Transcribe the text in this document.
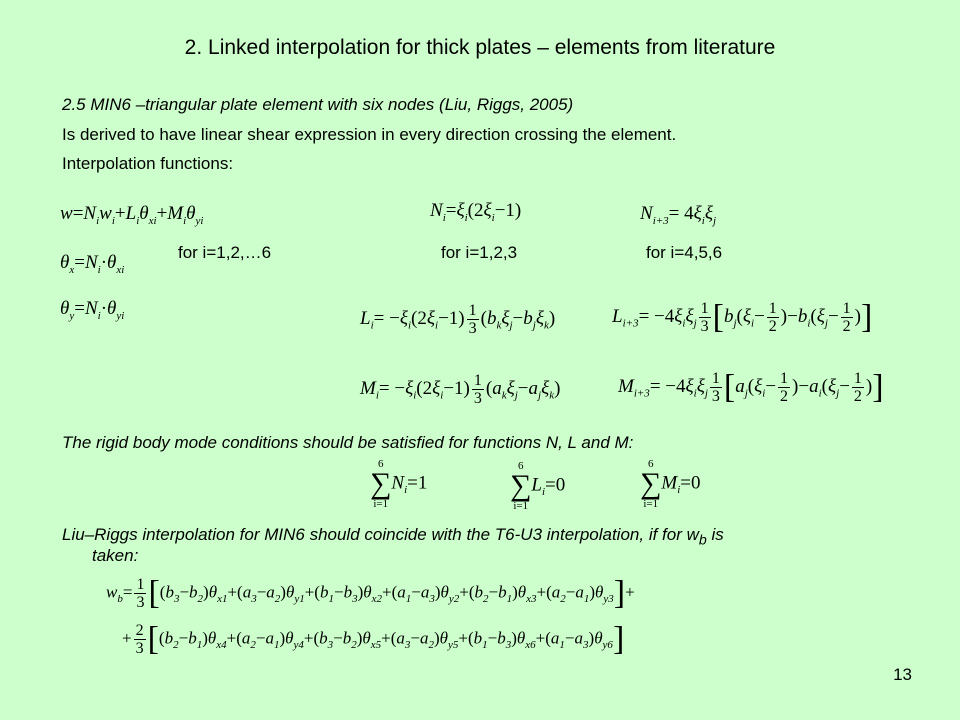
2. Linked interpolation for thick plates – elements from literature
2.5 MIN6 –triangular plate element with six nodes (Liu, Riggs, 2005)
Is derived to have linear shear expression in every direction crossing the element.
Interpolation functions:
$w=N_iw_i+L_i\theta_{xi}+M_i\theta_{yi}$	$N_i=\xi_i(2\xi_i-1)$	$N_{i+3}= 4\xi_i\xi_j$
for i=1,2,…6	for i=1,2,3	for i=4,5,6
$\theta_x=N_i\cdot\theta_{xi}$
$\theta_y=N_i\cdot\theta_{yi}$	$L_i= -\xi_i(2\xi_i-1) \frac{1}{3} (b_k\xi_j-b_j\xi_k)$	$L_{i+3}= -4\xi_i\xi_j \frac{1}{3} [b_j(\xi_i- \frac{1}{2} )-b_i(\xi_j- \frac{1}{2}$ )]
$M_i= -\xi_i(2\xi_i-1) \frac{1}{3} (a_k\xi_j-a_j\xi_k)$	$M_{i+3}= -4\xi_i\xi_j \frac{1}{3} [a_j(\xi_i- \frac{1}{2} )-a_i(\xi_j- \frac{1}{2}$ )]
The rigid body mode conditions should be satisfied for functions N, L and M:
6
∑
i=1
$N_i=1$
6
∑
i=1
$L_i=0$
6
∑
i=1
$M_i=0$
Liu–Riggs interpolation for MIN6 should coincide with the T6-U3 interpolation, if for $w_b$ is
taken:
$w_b= \frac{1}{3} [(b_3-b_2)\theta_{x1}+(a_3-a_2)\theta_{y1}+(b_1-b_3)\theta_{x2}+(a_1-a_3)\theta_{y2}+(b_2-b_1)\theta_{x3}+(a_2-a_1)\theta_{y3}]+$
+ $\frac{2}{3} [(b_2-b_1)\theta_{x4}+(a_2-a_1)\theta_{y4}+(b_3-b_2)\theta_{x5}+(a_3-a_2)\theta_{y5}+(b_1-b_3)\theta_{x6}+(a_1-a_3)\theta_{y6}]$
13
